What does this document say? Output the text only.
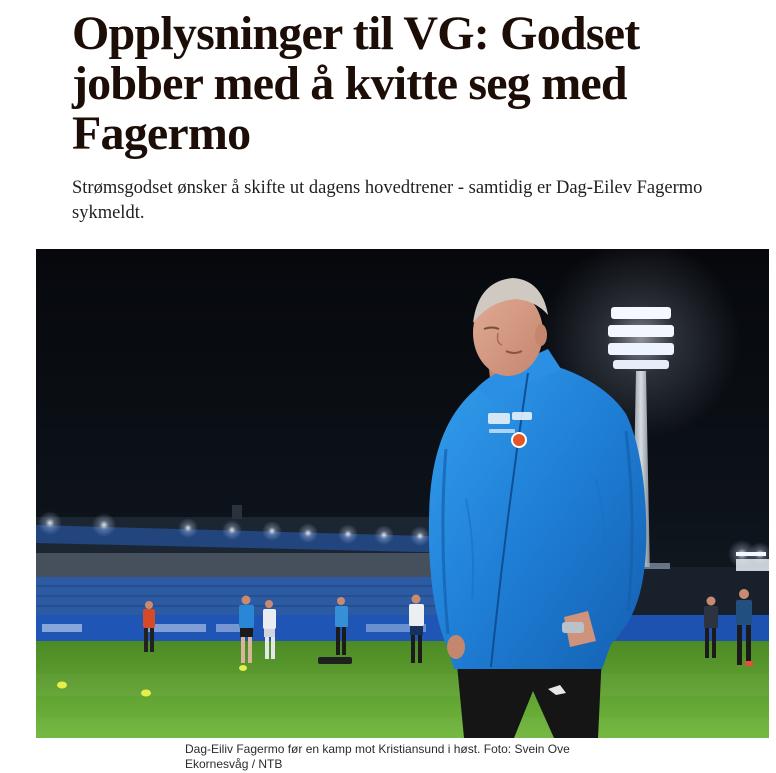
Opplysninger til VG: Godset jobber med å kvitte seg med Fagermo

Strømsgodset ønsker å skifte ut dagens hovedtrener - samtidig er Dag-Eilev Fagermo sykmeldt.

Dag-Eiliv Fagermo før en kamp mot Kristiansund i høst. Foto: Svein Ove Ekornesvåg / NTB
